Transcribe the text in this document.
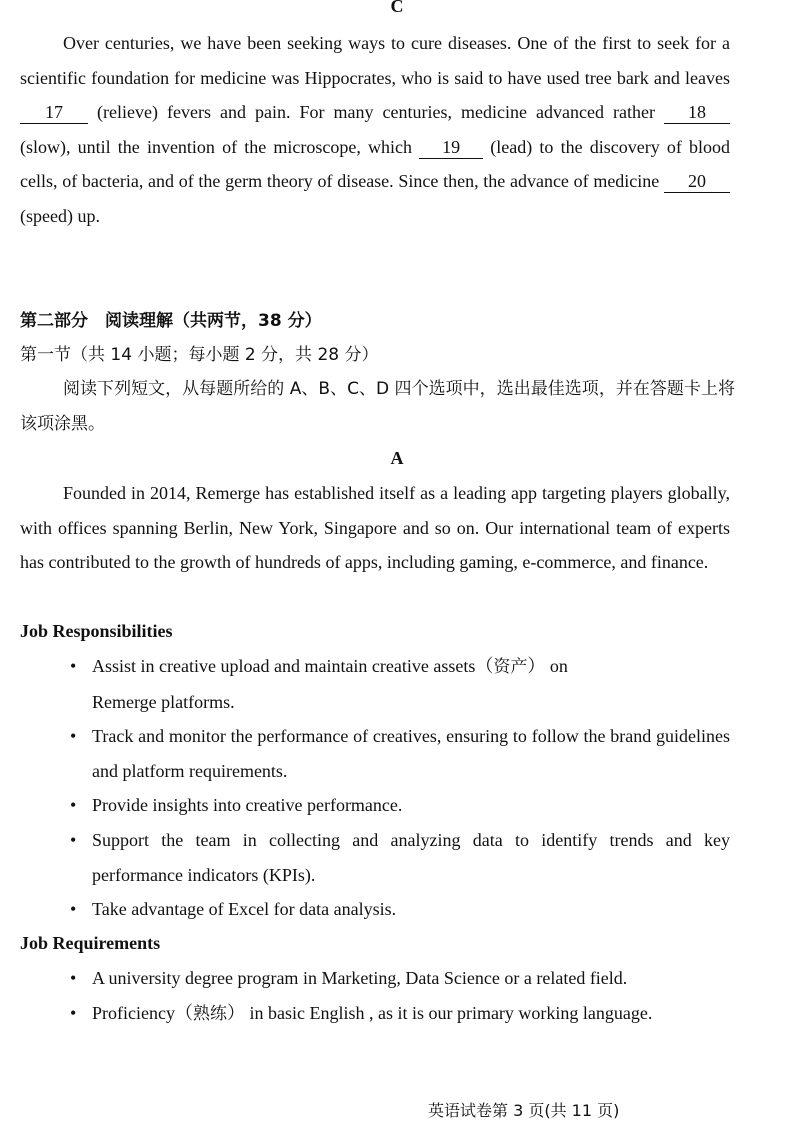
C

Over centuries, we have been seeking ways to cure diseases. One of the first to seek for a scientific foundation for medicine was Hippocrates, who is said to have used tree bark and leaves 17 (relieve) fevers and pain. For many centuries, medicine advanced rather 18 (slow), until the invention of the microscope, which 19 (lead) to the discovery of blood cells, of bacteria, and of the germ theory of disease. Since then, the advance of medicine 20 (speed) up.

第二部分　阅读理解（共两节，38 分）
第一节（共 14 小题；每小题 2 分，共 28 分）

阅读下列短文，从每题所给的 A、B、C、D 四个选项中，选出最佳选项，并在答题卡上将该项涂黑。

A

Founded in 2014, Remerge has established itself as a leading app targeting players globally, with offices spanning Berlin, New York, Singapore and so on. Our international team of experts has contributed to the growth of hundreds of apps, including gaming, e-commerce, and finance.

Job Responsibilities
• Assist in creative upload and maintain creative assets（资产） on
Remerge platforms.
• Track and monitor the performance of creatives, ensuring to follow the brand guidelines and platform requirements.
• Provide insights into creative performance.
• Support the team in collecting and analyzing data to identify trends and key performance indicators (KPIs).
• Take advantage of Excel for data analysis.
Job Requirements
• A university degree program in Marketing, Data Science or a related field.
• Proficiency（熟练） in basic English , as it is our primary working language.
英语试卷第 3 页(共 11 页)
